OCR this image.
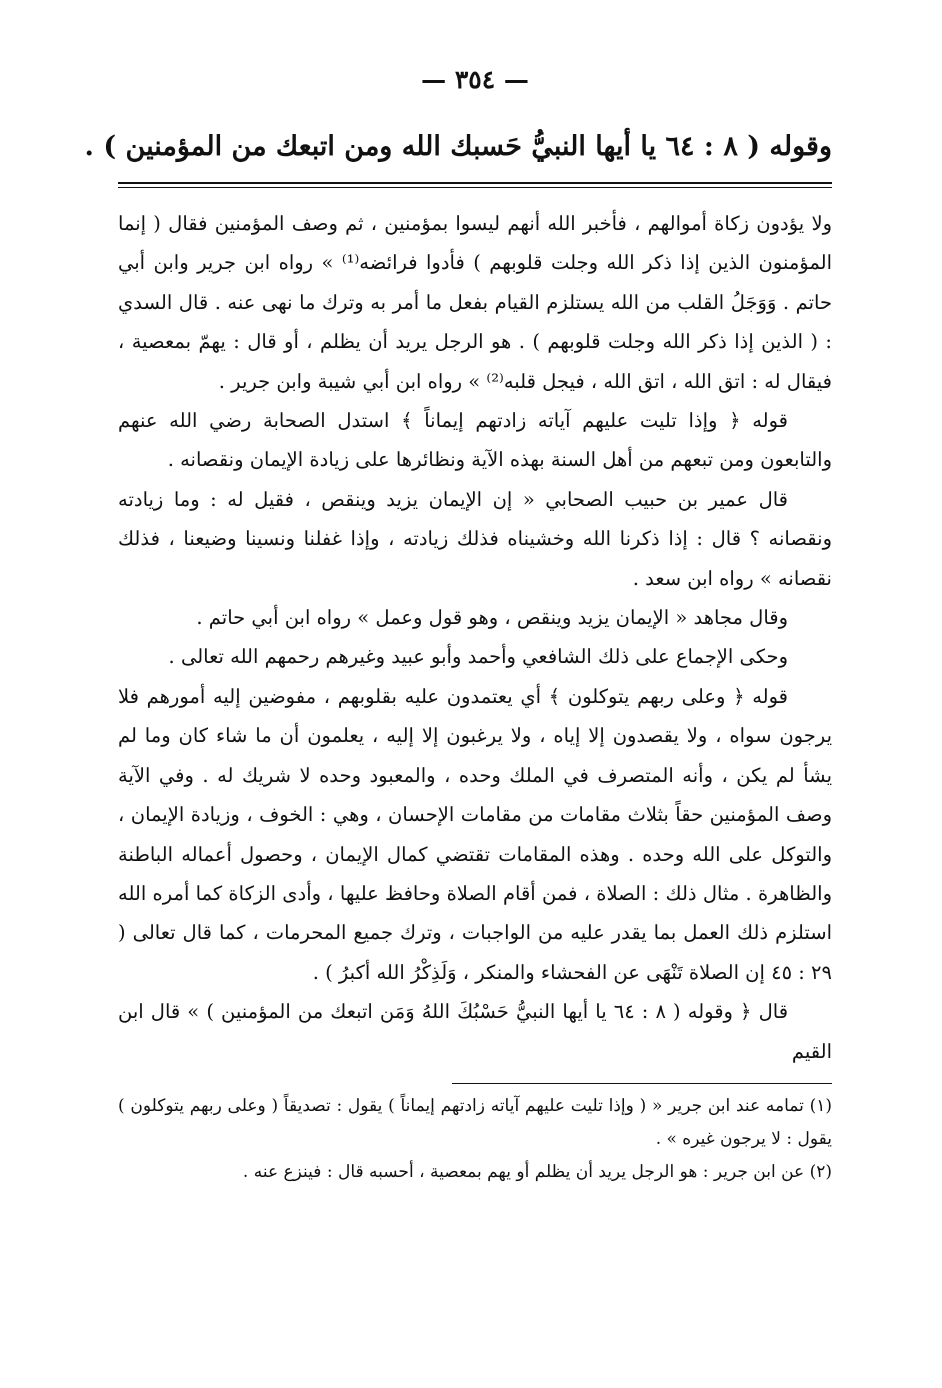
— ٣٥٤ —
وقوله ( ٨ : ٦٤ يا أيها النبيُّ حَسبك الله ومن اتبعك من المؤمنين ) .

ولا يؤدون زكاة أموالهم ، فأخبر الله أنهم ليسوا بمؤمنين ، ثم وصف المؤمنين فقال ( إنما المؤمنون الذين إذا ذكر الله وجلت قلوبهم ) فأدوا فرائضه⁽¹⁾ » رواه ابن جرير وابن أبي حاتم . وَوَجَلُ القلب من الله يستلزم القيام بفعل ما أمر به وترك ما نهى عنه . قال السدي : ( الذين إذا ذكر الله وجلت قلوبهم ) . هو الرجل يريد أن يظلم ، أو قال : يهمّ بمعصية ، فيقال له : اتق الله ، اتق الله ، فيجل قلبه⁽²⁾ » رواه ابن أبي شيبة وابن جرير .

قوله ﴿ وإذا تليت عليهم آياته زادتهم إيماناً ﴾ استدل الصحابة رضي الله عنهم والتابعون ومن تبعهم من أهل السنة بهذه الآية ونظائرها على زيادة الإيمان ونقصانه .

قال عمير بن حبيب الصحابي « إن الإيمان يزيد وينقص ، فقيل له : وما زيادته ونقصانه ؟ قال : إذا ذكرنا الله وخشيناه فذلك زيادته ، وإذا غفلنا ونسينا وضيعنا ، فذلك نقصانه » رواه ابن سعد .

وقال مجاهد « الإيمان يزيد وينقص ، وهو قول وعمل » رواه ابن أبي حاتم .

وحكى الإجماع على ذلك الشافعي وأحمد وأبو عبيد وغيرهم رحمهم الله تعالى .

قوله ﴿ وعلى ربهم يتوكلون ﴾ أي يعتمدون عليه بقلوبهم ، مفوضين إليه أمورهم فلا يرجون سواه ، ولا يقصدون إلا إياه ، ولا يرغبون إلا إليه ، يعلمون أن ما شاء كان وما لم يشأ لم يكن ، وأنه المتصرف في الملك وحده ، والمعبود وحده لا شريك له . وفي الآية وصف المؤمنين حقاً بثلاث مقامات من مقامات الإحسان ، وهي : الخوف ، وزيادة الإيمان ، والتوكل على الله وحده . وهذه المقامات تقتضي كمال الإيمان ، وحصول أعماله الباطنة والظاهرة . مثال ذلك : الصلاة ، فمن أقام الصلاة وحافظ عليها ، وأدى الزكاة كما أمره الله استلزم ذلك العمل بما يقدر عليه من الواجبات ، وترك جميع المحرمات ، كما قال تعالى ( ٢٩ : ٤٥ إن الصلاة تَنْهَى عن الفحشاء والمنكر ، وَلَذِكْرُ الله أكبرُ ) .

قال ﴿ وقوله ( ٨ : ٦٤ يا أيها النبيُّ حَسْبُكَ اللهُ وَمَن اتبعك من المؤمنين ) » قال ابن القيم

(١) تمامه عند ابن جرير « ( وإذا تليت عليهم آياته زادتهم إيماناً ) يقول : تصديقاً ( وعلى ربهم يتوكلون ) يقول : لا يرجون غيره » .

(٢) عن ابن جرير : هو الرجل يريد أن يظلم أو يهم بمعصية ، أحسبه قال : فينزع عنه .
